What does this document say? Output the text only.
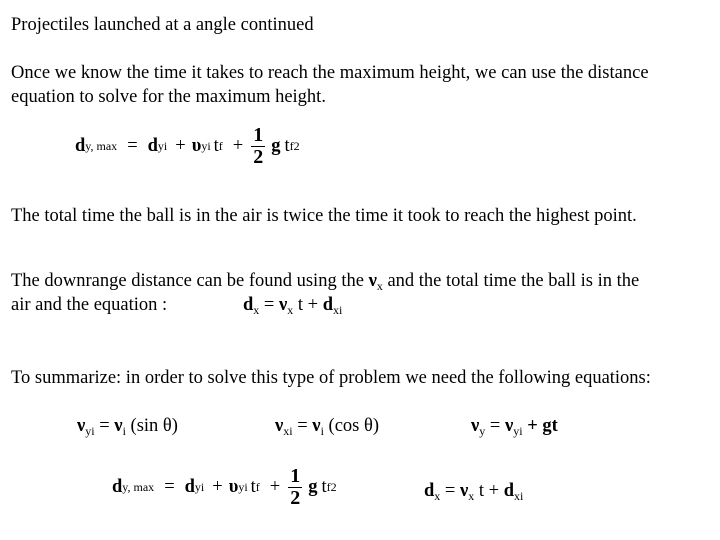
Projectiles launched at a angle continued
Once we know the time it takes to reach the maximum height, we can use the distance
equation to solve for the maximum height.
d y, max = d yi + υ yi t $f + \frac{1}{2}$ g t f 2
The total time the ball is in the air is twice the time it took to reach the highest point.
The downrange distance can be found using the $\nu_x$ and the total time the ball is in the
air and the equation :	$d_x = \nu_x$ $t + d_{xi}$
To summarize: in order to solve this type of problem we need the following equations:
$\nu_{yi} = \nu_i$ (sin θ)	$\nu_{xi} = \nu_i$ (cos θ)	$\nu_y = \nu_{yi}$ + gt
d y, max = d yi + υ yi t $f + \frac{1}{2}$ g t f 2	$d_x = \nu_x$ $t + d_{xi}$
